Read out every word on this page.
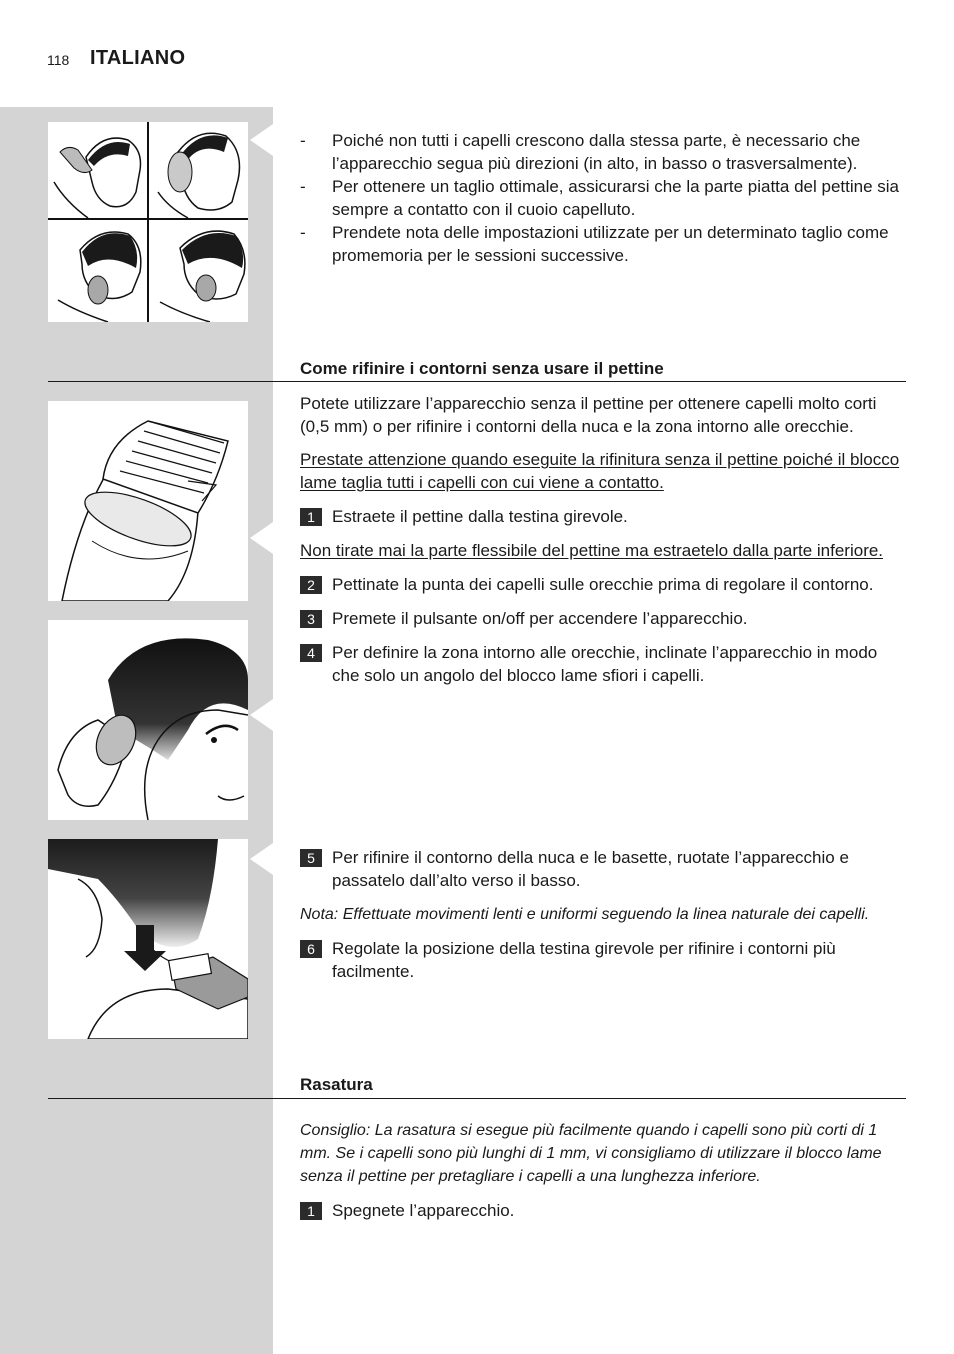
118 ITALIANO
- Poiché non tutti i capelli crescono dalla stessa parte, è necessario che l’apparecchio segua più direzioni (in alto, in basso o trasversalmente).
- Per ottenere un taglio ottimale, assicurarsi che la parte piatta del pettine sia sempre a contatto con il cuoio capelluto.
- Prendete nota delle impostazioni utilizzate per un determinato taglio come promemoria per le sessioni successive.
Come rifinire i contorni senza usare il pettine
Potete utilizzare l’apparecchio senza il pettine per ottenere capelli molto corti (0,5 mm) o per rifinire i contorni della nuca e la zona intorno alle orecchie.
Prestate attenzione quando eseguite la rifinitura senza il pettine poiché il blocco lame taglia tutti i capelli con cui viene a contatto.
1	Estraete il pettine dalla testina girevole.
Non tirate mai la parte flessibile del pettine ma estraetelo dalla parte inferiore.
2	Pettinate la punta dei capelli sulle orecchie prima di regolare il contorno.
3	Premete il pulsante on/off per accendere l’apparecchio.
4	Per definire la zona intorno alle orecchie, inclinate l’apparecchio in modo che solo un angolo del blocco lame sfiori i capelli.
5	Per rifinire il contorno della nuca e le basette, ruotate l’apparecchio e passatelo dall’alto verso il basso.
Nota: Effettuate movimenti lenti e uniformi seguendo la linea naturale dei capelli.
6	Regolate la posizione della testina girevole per rifinire i contorni più facilmente.
Rasatura
Consiglio: La rasatura si esegue più facilmente quando i capelli sono più corti di 1 mm. Se i capelli sono più lunghi di 1 mm, vi consigliamo di utilizzare il blocco lame senza il pettine per pretagliare i capelli a una lunghezza inferiore.
1	Spegnete l’apparecchio.
